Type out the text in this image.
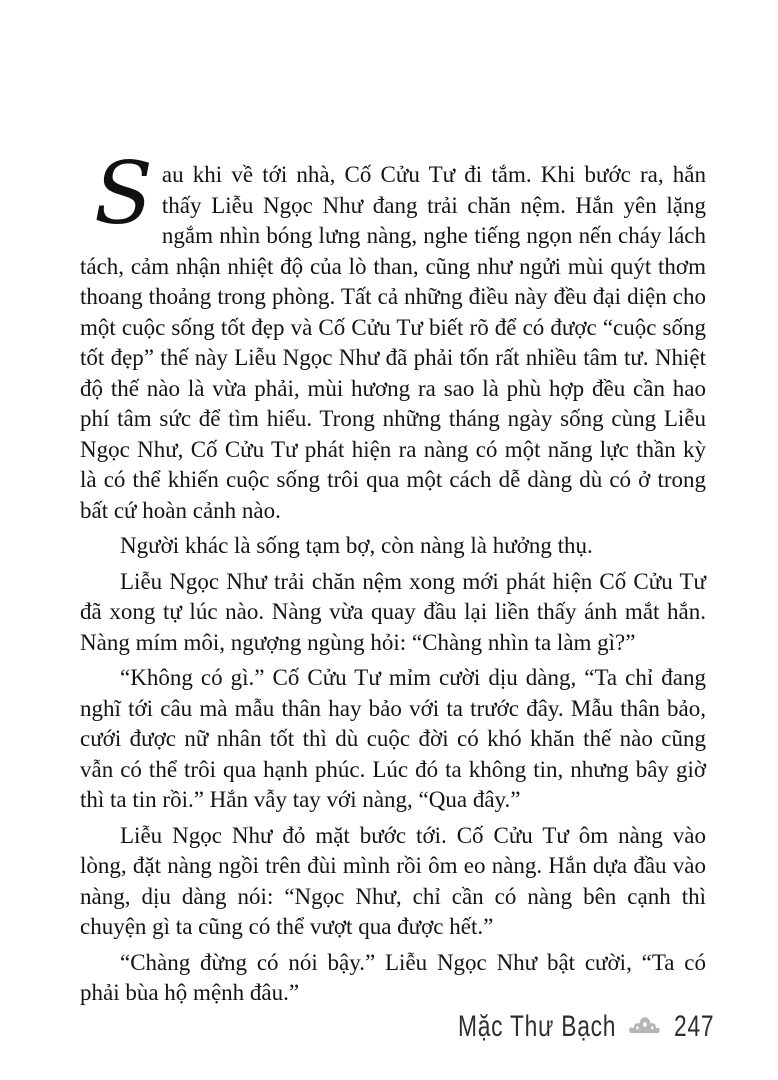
Sau khi về tới nhà, Cố Cửu Tư đi tắm. Khi bước ra, hắn thấy Liễu Ngọc Như đang trải chăn nệm. Hắn yên lặng ngắm nhìn bóng lưng nàng, nghe tiếng ngọn nến cháy lách tách, cảm nhận nhiệt độ của lò than, cũng như ngửi mùi quýt thơm thoang thoảng trong phòng. Tất cả những điều này đều đại diện cho một cuộc sống tốt đẹp và Cố Cửu Tư biết rõ để có được “cuộc sống tốt đẹp” thế này Liễu Ngọc Như đã phải tốn rất nhiều tâm tư. Nhiệt độ thế nào là vừa phải, mùi hương ra sao là phù hợp đều cần hao phí tâm sức để tìm hiểu. Trong những tháng ngày sống cùng Liễu Ngọc Như, Cố Cửu Tư phát hiện ra nàng có một năng lực thần kỳ là có thể khiến cuộc sống trôi qua một cách dễ dàng dù có ở trong bất cứ hoàn cảnh nào.

Người khác là sống tạm bợ, còn nàng là hưởng thụ.

Liễu Ngọc Như trải chăn nệm xong mới phát hiện Cố Cửu Tư đã xong tự lúc nào. Nàng vừa quay đầu lại liền thấy ánh mắt hắn. Nàng mím môi, ngượng ngùng hỏi: “Chàng nhìn ta làm gì?”

“Không có gì.” Cố Cửu Tư mỉm cười dịu dàng, “Ta chỉ đang nghĩ tới câu mà mẫu thân hay bảo với ta trước đây. Mẫu thân bảo, cưới được nữ nhân tốt thì dù cuộc đời có khó khăn thế nào cũng vẫn có thể trôi qua hạnh phúc. Lúc đó ta không tin, nhưng bây giờ thì ta tin rồi.” Hắn vẫy tay với nàng, “Qua đây.”

Liễu Ngọc Như đỏ mặt bước tới. Cố Cửu Tư ôm nàng vào lòng, đặt nàng ngồi trên đùi mình rồi ôm eo nàng. Hắn dựa đầu vào nàng, dịu dàng nói: “Ngọc Như, chỉ cần có nàng bên cạnh thì chuyện gì ta cũng có thể vượt qua được hết.”

“Chàng đừng có nói bậy.” Liễu Ngọc Như bật cười, “Ta có phải bùa hộ mệnh đâu.”

Mặc Thư Bạch 247
